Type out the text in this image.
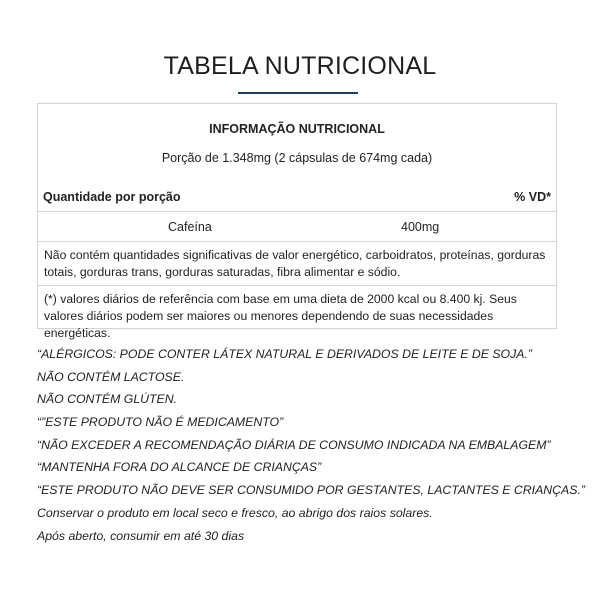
TABELA NUTRICIONAL
INFORMAÇÃO NUTRICIONAL
Porção de 1.348mg (2 cápsulas de 674mg cada)
Quantidade por porção	% VD*
Cafeína	400mg
Não contém quantidades significativas de valor energético, carboidratos, proteínas, gorduras totais, gorduras trans, gorduras saturadas, fibra alimentar e sódio.
(*) valores diários de referência com base em uma dieta de 2000 kcal ou 8.400 kj. Seus valores diários podem ser maiores ou menores dependendo de suas necessidades energéticas.
“ALÉRGICOS: PODE CONTER LÁTEX NATURAL E DERIVADOS DE LEITE E DE SOJA.”
NÃO CONTÉM LACTOSE.
NÃO CONTÉM GLÚTEN.
“”ESTE PRODUTO NÃO É MEDICAMENTO”
“NÃO EXCEDER A RECOMENDAÇÃO DIÁRIA DE CONSUMO INDICADA NA EMBALAGEM”
“MANTENHA FORA DO ALCANCE DE CRIANÇAS”
“ESTE PRODUTO NÃO DEVE SER CONSUMIDO POR GESTANTES, LACTANTES E CRIANÇAS.”
Conservar o produto em local seco e fresco, ao abrigo dos raios solares.
Após aberto, consumir em até 30 dias
